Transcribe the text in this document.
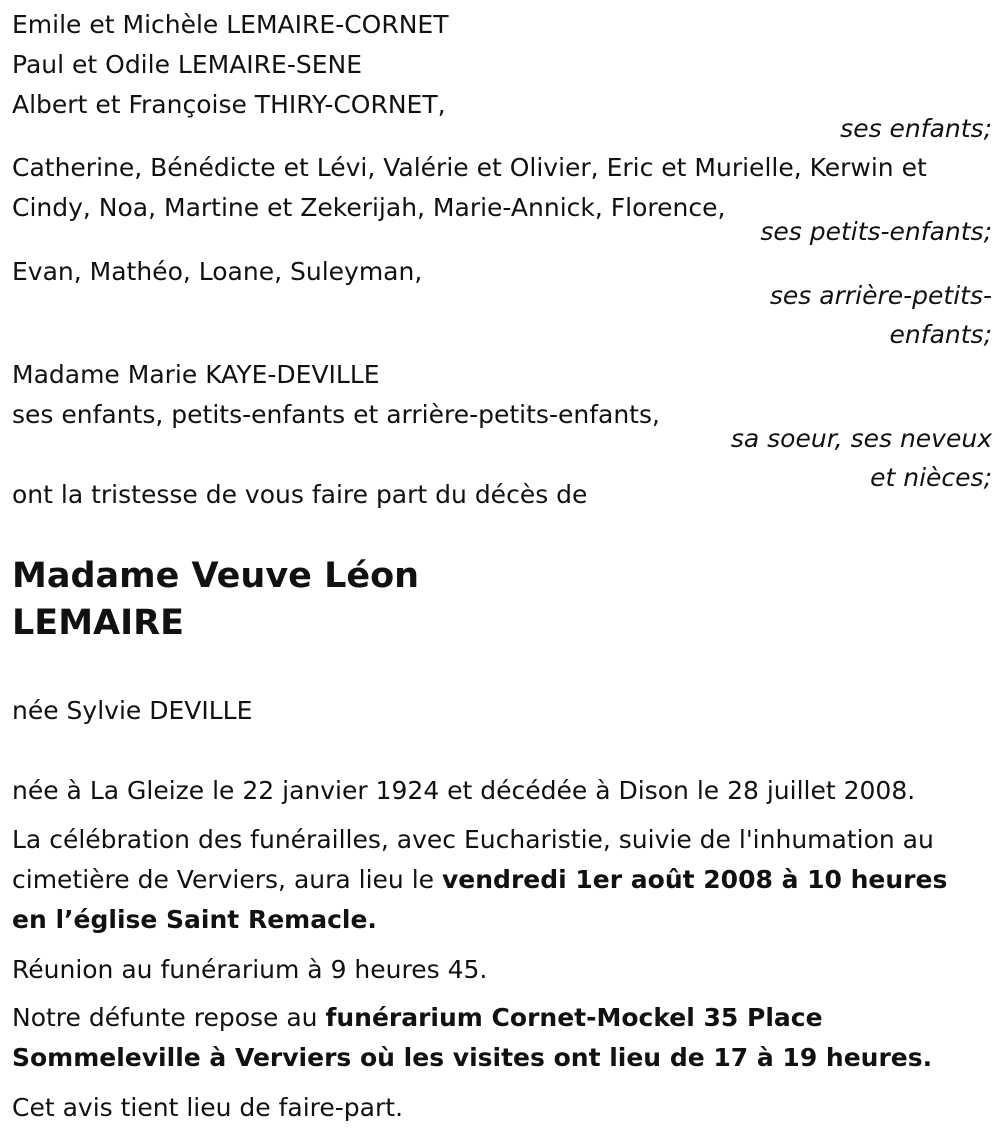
Emile et Michèle LEMAIRE-CORNET
Paul et Odile LEMAIRE-SENE
Albert et Françoise THIRY-CORNET,
ses enfants;
Catherine, Bénédicte et Lévi, Valérie et Olivier, Eric et Murielle, Kerwin et
Cindy, Noa, Martine et Zekerijah, Marie-Annick, Florence,
ses petits-enfants;
Evan, Mathéo, Loane, Suleyman,
ses arrière-petits-
enfants;
Madame Marie KAYE-DEVILLE
ses enfants, petits-enfants et arrière-petits-enfants,
sa soeur, ses neveux
et nièces;
ont la tristesse de vous faire part du décès de
Madame Veuve Léon
LEMAIRE
née Sylvie DEVILLE
née à La Gleize le 22 janvier 1924 et décédée à Dison le 28 juillet 2008.
La célébration des funérailles, avec Eucharistie, suivie de l'inhumation au cimetière de Verviers, aura lieu le vendredi 1er août 2008 à 10 heures en l’église Saint Remacle.
Réunion au funérarium à 9 heures 45.
Notre défunte repose au funérarium Cornet-Mockel 35 Place Sommeleville à Verviers où les visites ont lieu de 17 à 19 heures.
Cet avis tient lieu de faire-part.
